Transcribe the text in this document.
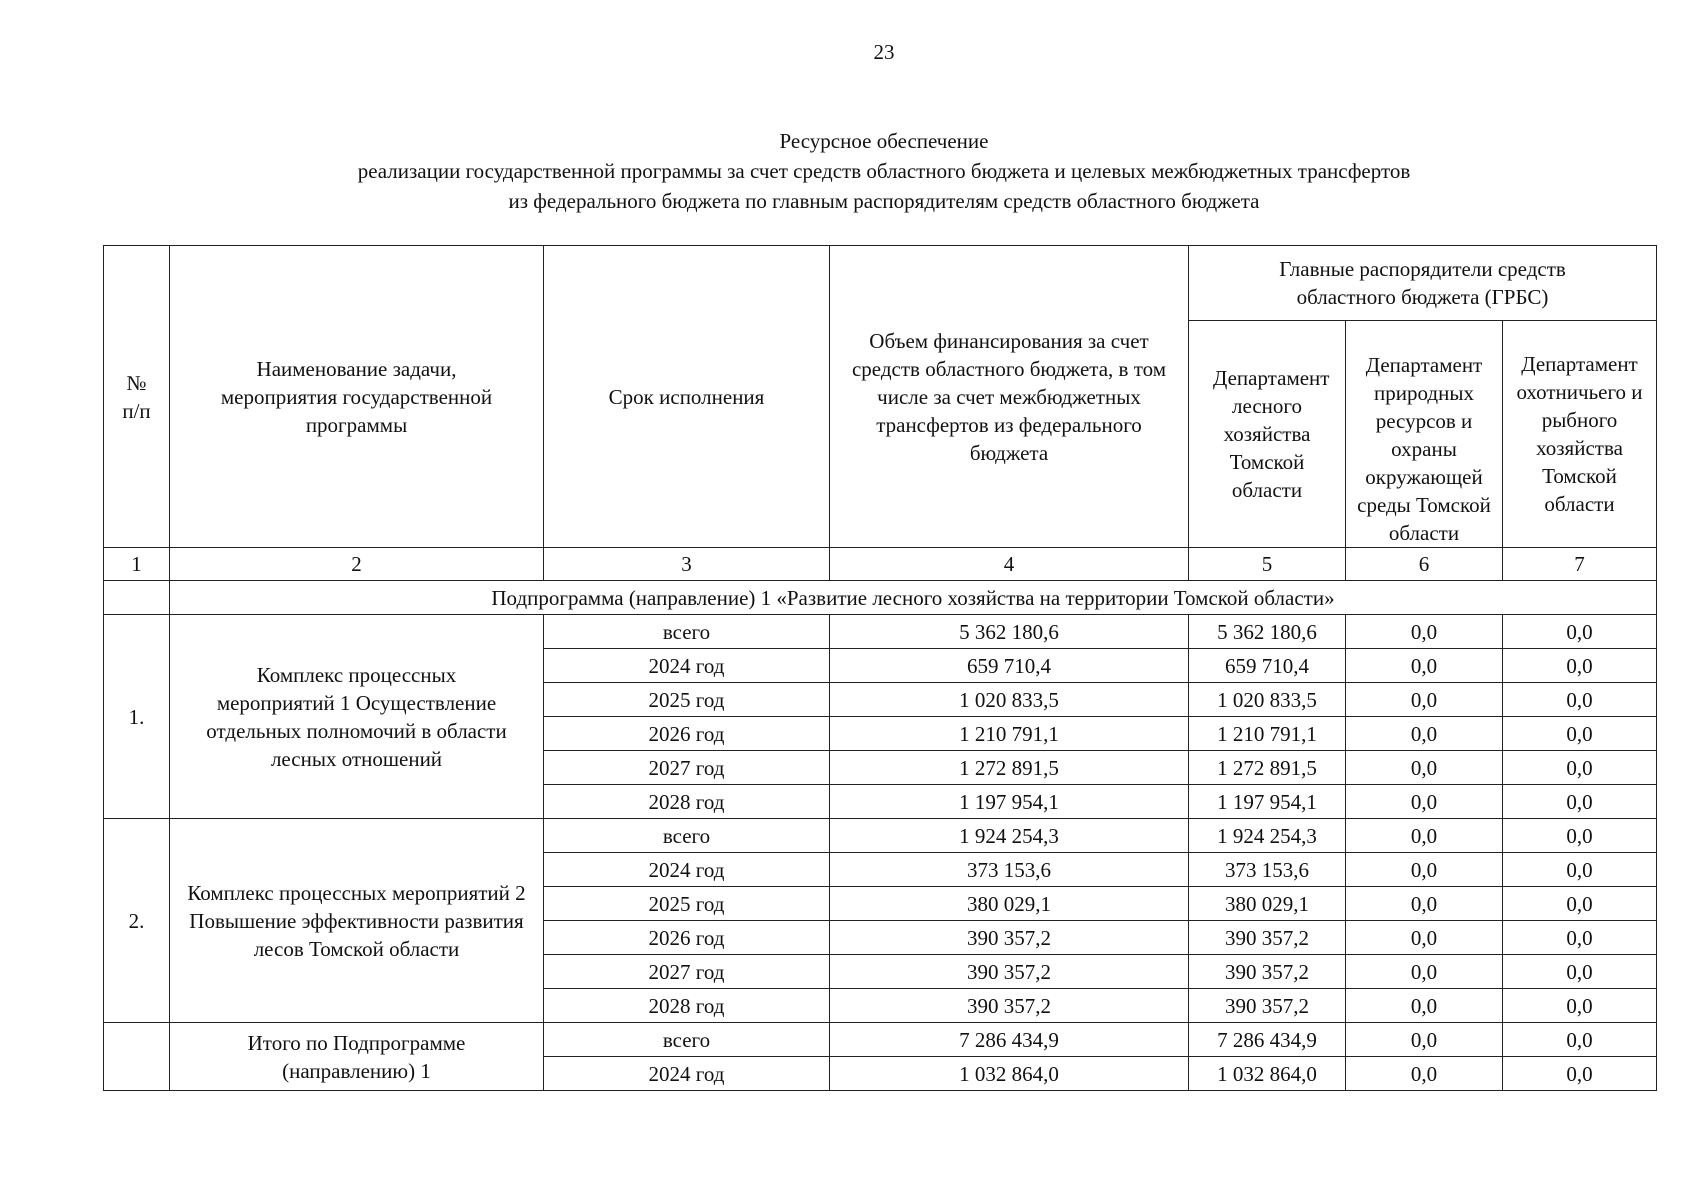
23
Ресурсное обеспечение
реализации государственной программы за счет средств областного бюджета и целевых межбюджетных трансфертов
из федерального бюджета по главным распорядителям средств областного бюджета
№ п/п	Наименование задачи, мероприятия государственной программы	Срок исполнения	Объем финансирования за счет средств областного бюджета, в том числе за счет межбюджетных трансфертов из федерального бюджета	Главные распорядители средств областного бюджета (ГРБС)		
				Департамент лесного хозяйства Томской области	Департамент природных ресурсов и охраны окружающей среды Томской области	Департамент охотничьего и рыбного хозяйства Томской области
1	2	3	4	5	6	7
	Подпрограмма (направление) 1 «Развитие лесного хозяйства на территории Томской области»					
1.	Комплекс процессных мероприятий 1 Осуществление отдельных полномочий в области лесных отношений	всего	5 362 180,6	5 362 180,6	0,0	0,0
		2024 год	659 710,4	659 710,4	0,0	0,0
		2025 год	1 020 833,5	1 020 833,5	0,0	0,0
		2026 год	1 210 791,1	1 210 791,1	0,0	0,0
		2027 год	1 272 891,5	1 272 891,5	0,0	0,0
		2028 год	1 197 954,1	1 197 954,1	0,0	0,0
2.	Комплекс процессных мероприятий 2 Повышение эффективности развития лесов Томской области	всего	1 924 254,3	1 924 254,3	0,0	0,0
		2024 год	373 153,6	373 153,6	0,0	0,0
		2025 год	380 029,1	380 029,1	0,0	0,0
		2026 год	390 357,2	390 357,2	0,0	0,0
		2027 год	390 357,2	390 357,2	0,0	0,0
		2028 год	390 357,2	390 357,2	0,0	0,0
	Итого по Подпрограмме (направлению) 1	всего	7 286 434,9	7 286 434,9	0,0	0,0
		2024 год	1 032 864,0	1 032 864,0	0,0	0,0
